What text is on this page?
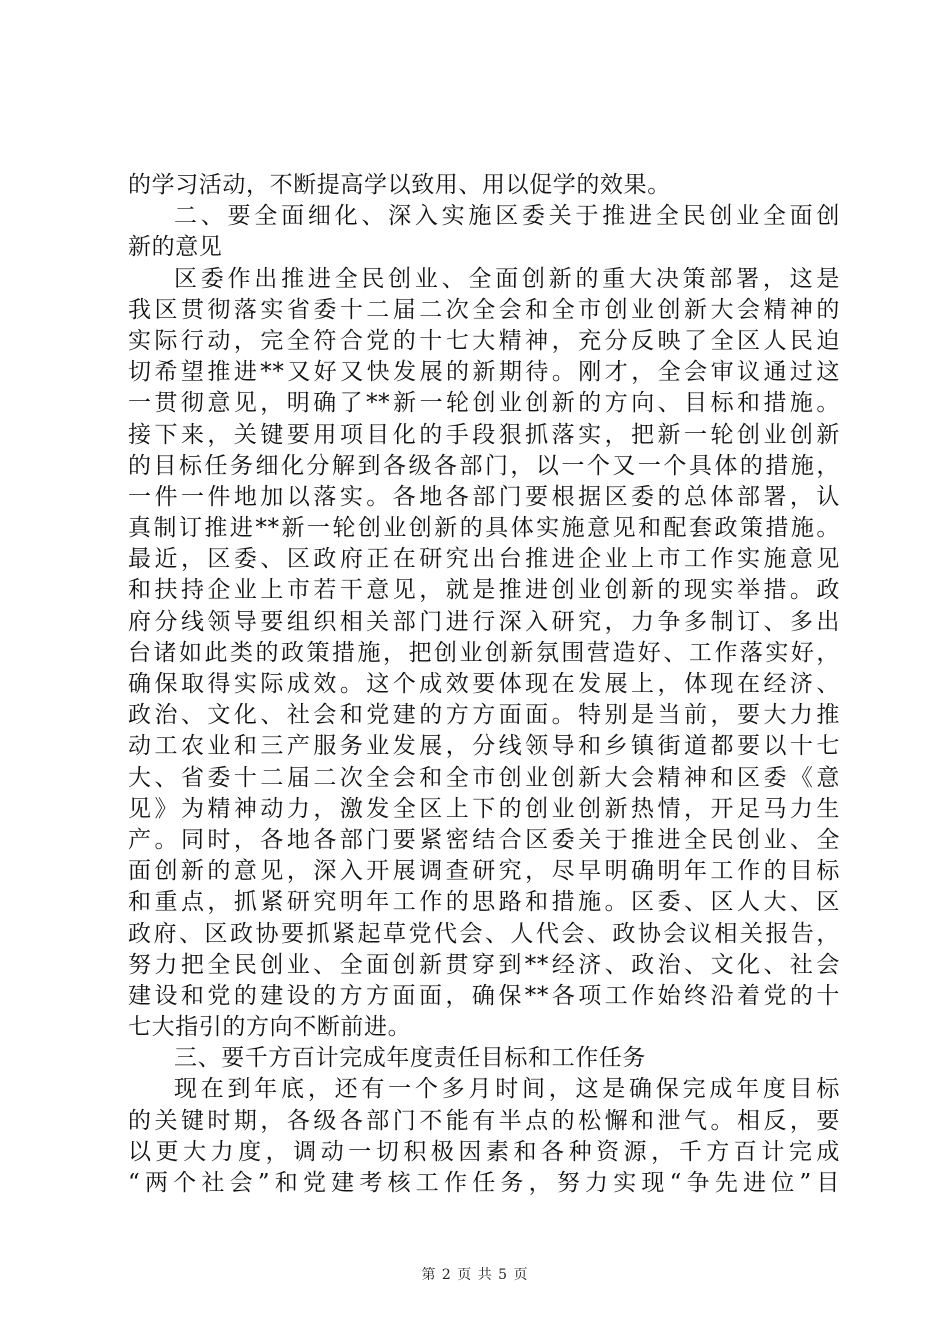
的学习活动，不断提高学以致用、用以促学的效果。
二、要全面细化、深入实施区委关于推进全民创业全面创
新的意见
区委作出推进全民创业、全面创新的重大决策部署，这是
我区贯彻落实省委十二届二次全会和全市创业创新大会精神的
实际行动，完全符合党的十七大精神，充分反映了全区人民迫
切希望推进**又好又快发展的新期待。刚才，全会审议通过这
一贯彻意见，明确了**新一轮创业创新的方向、目标和措施。
接下来，关键要用项目化的手段狠抓落实，把新一轮创业创新
的目标任务细化分解到各级各部门，以一个又一个具体的措施，
一件一件地加以落实。各地各部门要根据区委的总体部署，认
真制订推进**新一轮创业创新的具体实施意见和配套政策措施。
最近，区委、区政府正在研究出台推进企业上市工作实施意见
和扶持企业上市若干意见，就是推进创业创新的现实举措。政
府分线领导要组织相关部门进行深入研究，力争多制订、多出
台诸如此类的政策措施，把创业创新氛围营造好、工作落实好，
确保取得实际成效。这个成效要体现在发展上，体现在经济、
政治、文化、社会和党建的方方面面。特别是当前，要大力推
动工农业和三产服务业发展，分线领导和乡镇街道都要以十七
大、省委十二届二次全会和全市创业创新大会精神和区委《意
见》为精神动力，激发全区上下的创业创新热情，开足马力生
产。同时，各地各部门要紧密结合区委关于推进全民创业、全
面创新的意见，深入开展调查研究，尽早明确明年工作的目标
和重点，抓紧研究明年工作的思路和措施。区委、区人大、区
政府、区政协要抓紧起草党代会、人代会、政协会议相关报告，
努力把全民创业、全面创新贯穿到**经济、政治、文化、社会
建设和党的建设的方方面面，确保**各项工作始终沿着党的十
七大指引的方向不断前进。
三、要千方百计完成年度责任目标和工作任务
现在到年底，还有一个多月时间，这是确保完成年度目标
的关键时期，各级各部门不能有半点的松懈和泄气。相反，要
以更大力度，调动一切积极因素和各种资源，千方百计完成
“两个社会”和党建考核工作任务，努力实现“争先进位”目
第 2 页 共 5 页
